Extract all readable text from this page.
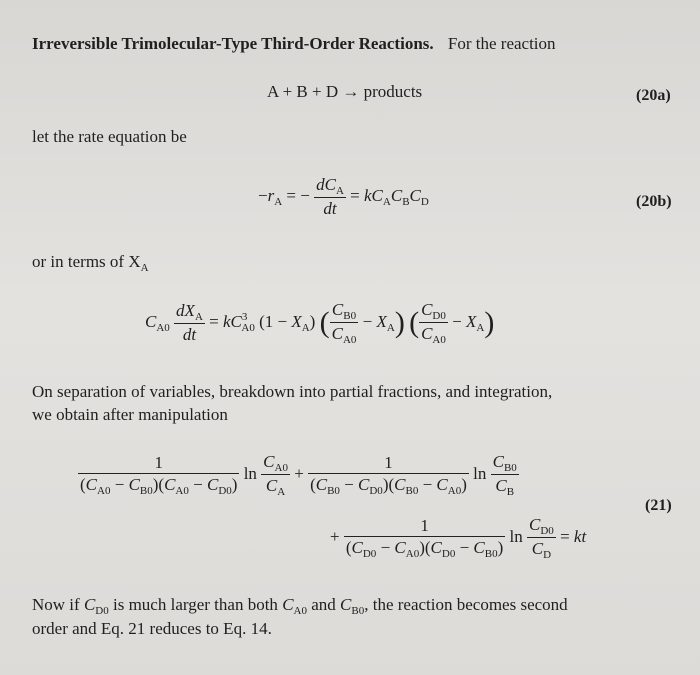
Irreversible Trimolecular-Type Third-Order Reactions. For the reaction
A + B + D → products	(20a)
let the rate equation be
$-r_A$ = − $\frac{dC_A}{dt} = kC_AC_BC_D$	(20b)
or in terms of $X_A$
$C_{A0} \frac{dX_A}{dt} = kC^3_{A0}$ $(1 - X_A)$ ( $\frac{C_{B0}}{C_{A0}} - X_A$) ( $\frac{C_{D0}}{C_{A0}} - X_A$)
On separation of variables, breakdown into partial fractions, and integration,
we obtain after manipulation
$\frac{1}{(C_{A0} - C_{B0})(C_{A0} - C_{D0})}$ $\ln \frac{C_{A0}}{C_A} + \frac{1}{(C_{B0} - C_{D0})(C_{B0} - C_{A0})}$ $\ln \frac{C_{B0}}{C_B}$
(21)
+ $\frac{1}{(C_{D0} - C_{A0})(C_{D0} - C_{B0})}$ $\ln \frac{C_{D0}}{C_D}$ = kt
Now if $C_{D0}$ is much larger than both $C_{A0}$ and $C_{B0}$, the reaction becomes second
order and Eq. 21 reduces to Eq. 14.
